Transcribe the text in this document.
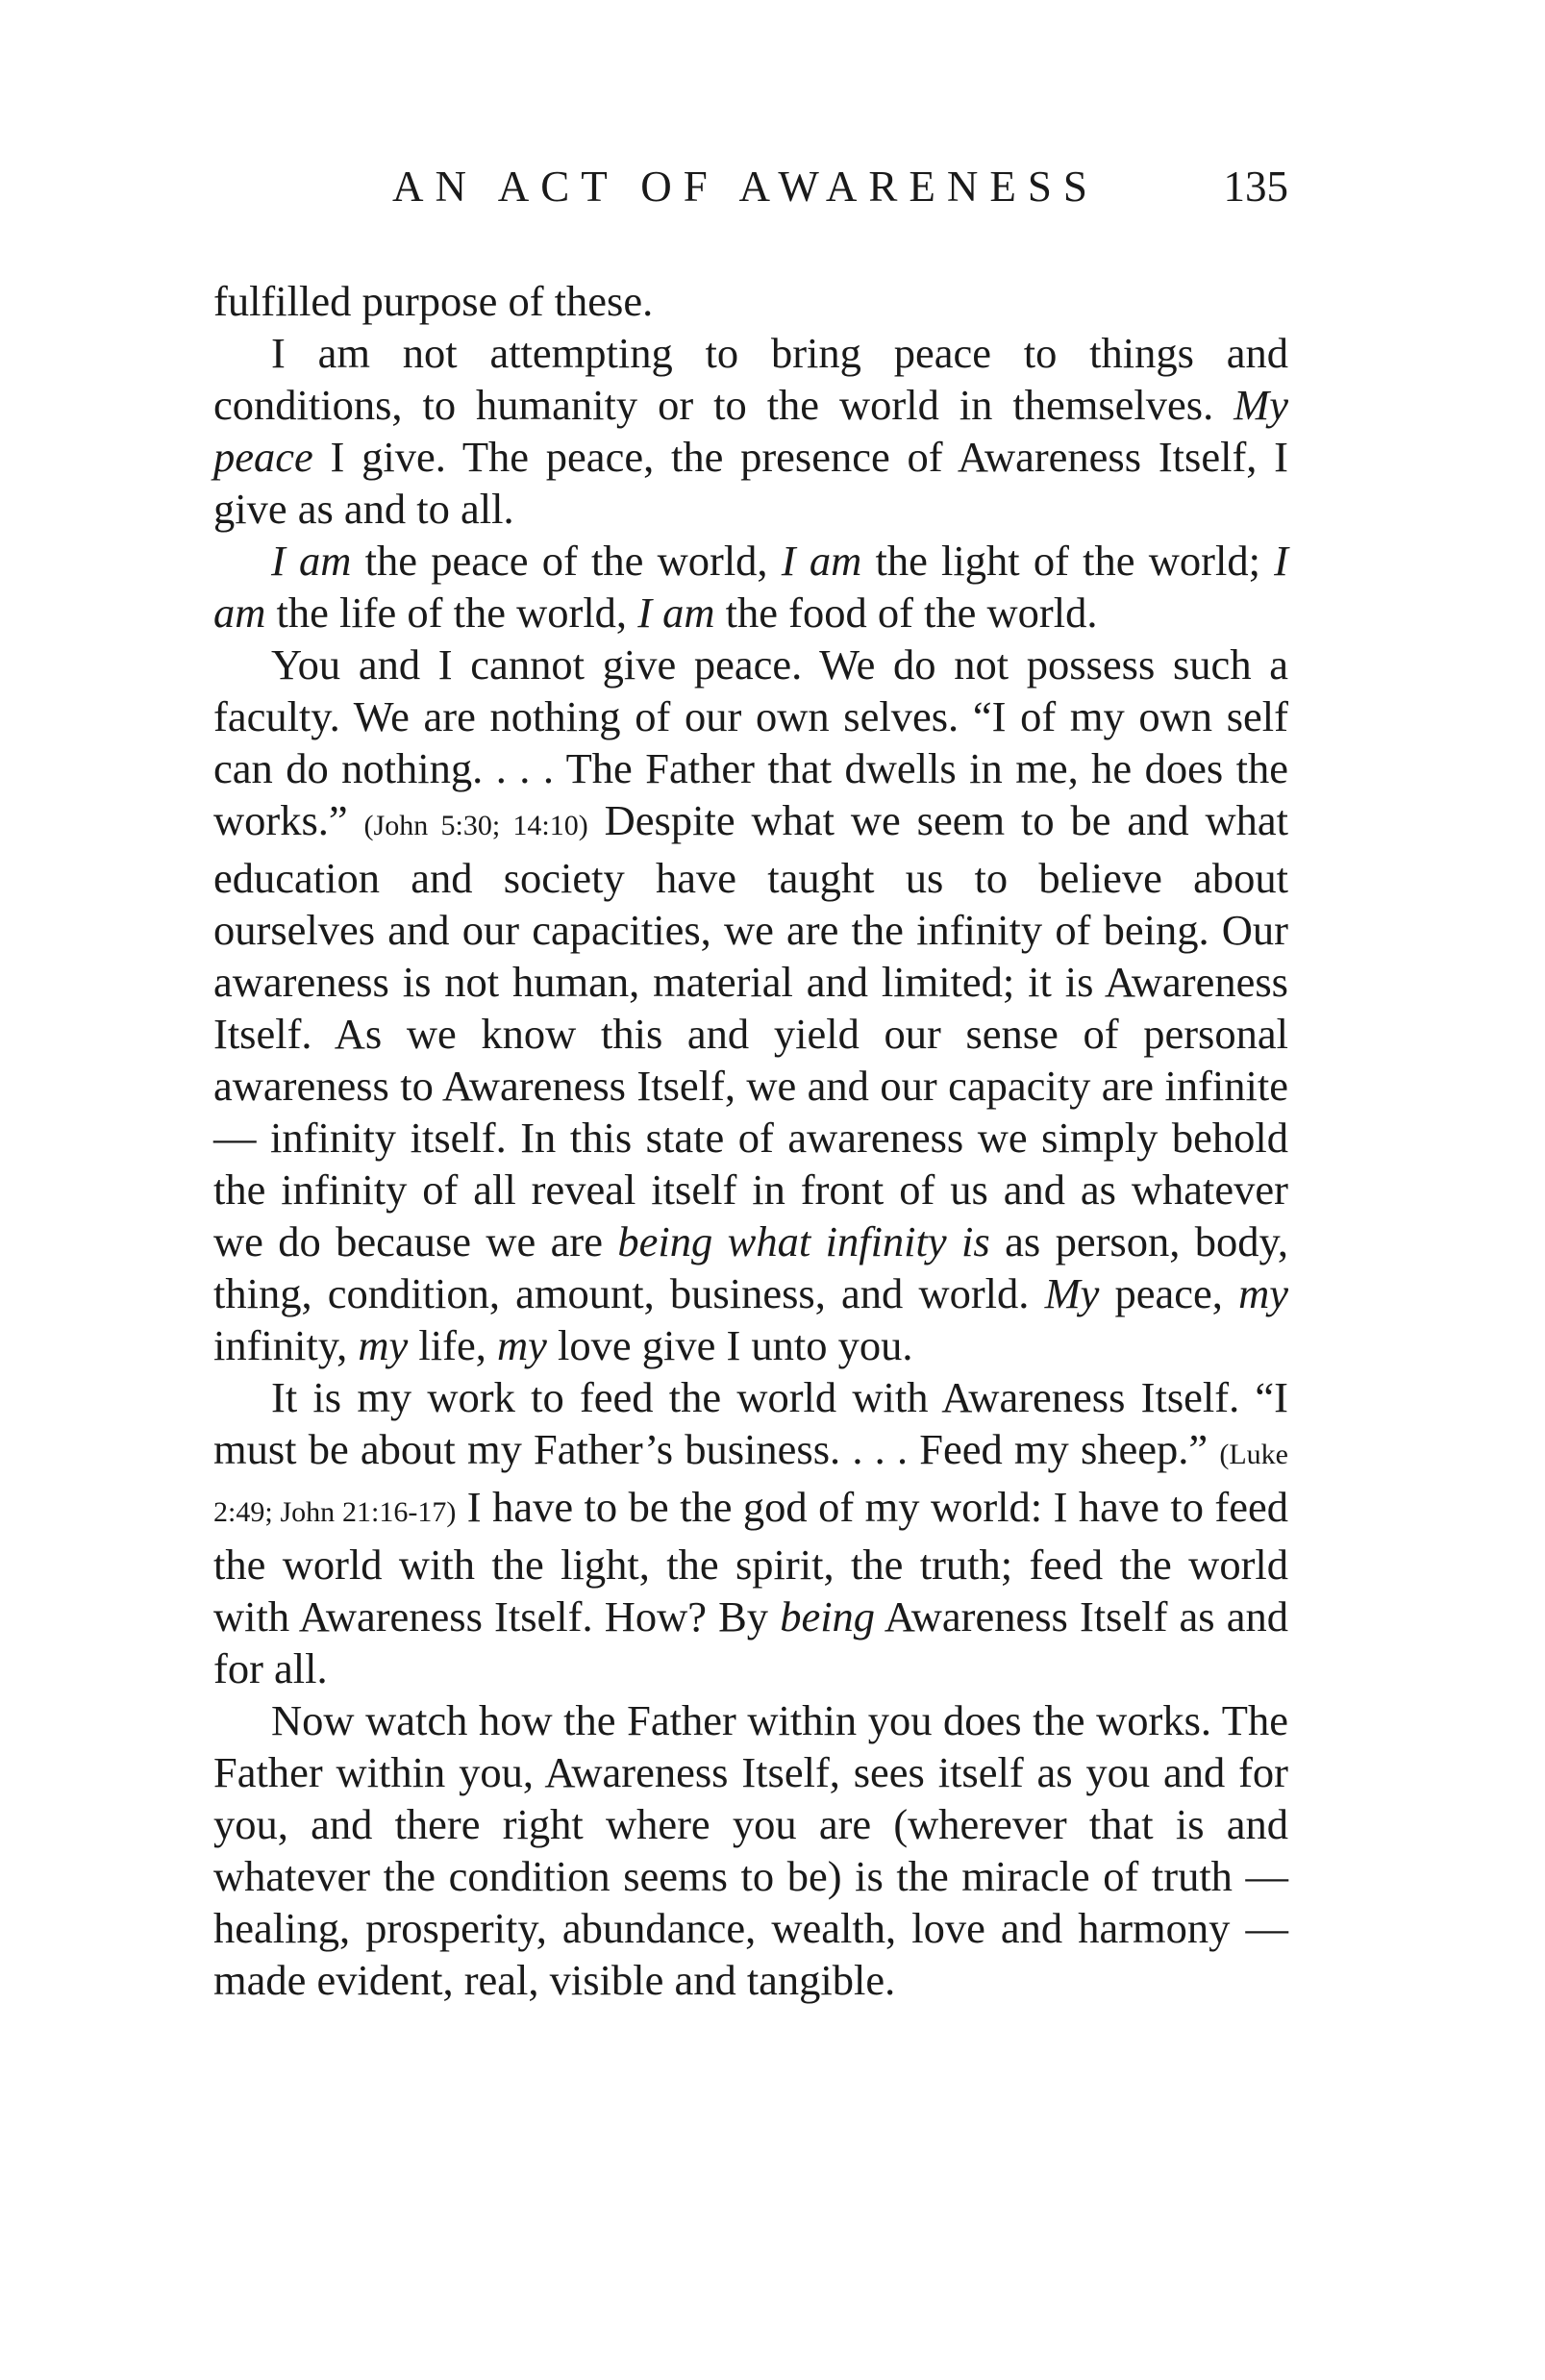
AN ACT OF AWARENESS	135

fulfilled purpose of these.

I am not attempting to bring peace to things and conditions, to humanity or to the world in themselves. My peace I give. The peace, the presence of Awareness Itself, I give as and to all.

I am the peace of the world, I am the light of the world; I am the life of the world, I am the food of the world.

You and I cannot give peace. We do not possess such a faculty. We are nothing of our own selves. “I of my own self can do nothing. . . . The Father that dwells in me, he does the works.” (John 5:30; 14:10) Despite what we seem to be and what education and society have taught us to believe about ourselves and our capacities, we are the infinity of being. Our awareness is not human, material and limited; it is Awareness Itself. As we know this and yield our sense of personal awareness to Awareness Itself, we and our capacity are infinite — infinity itself. In this state of awareness we simply behold the infinity of all reveal itself in front of us and as whatever we do because we are being what infinity is as person, body, thing, condition, amount, business, and world. My peace, my infinity, my life, my love give I unto you.

It is my work to feed the world with Awareness Itself. “I must be about my Father’s business. . . . Feed my sheep.” (Luke 2:49; John 21:16-17) I have to be the god of my world: I have to feed the world with the light, the spirit, the truth; feed the world with Awareness Itself. How? By being Awareness Itself as and for all.

Now watch how the Father within you does the works. The Father within you, Awareness Itself, sees itself as you and for you, and there right where you are (wherever that is and whatever the condition seems to be) is the miracle of truth — healing, prosperity, abundance, wealth, love and harmony — made evident, real, visible and tangible.
